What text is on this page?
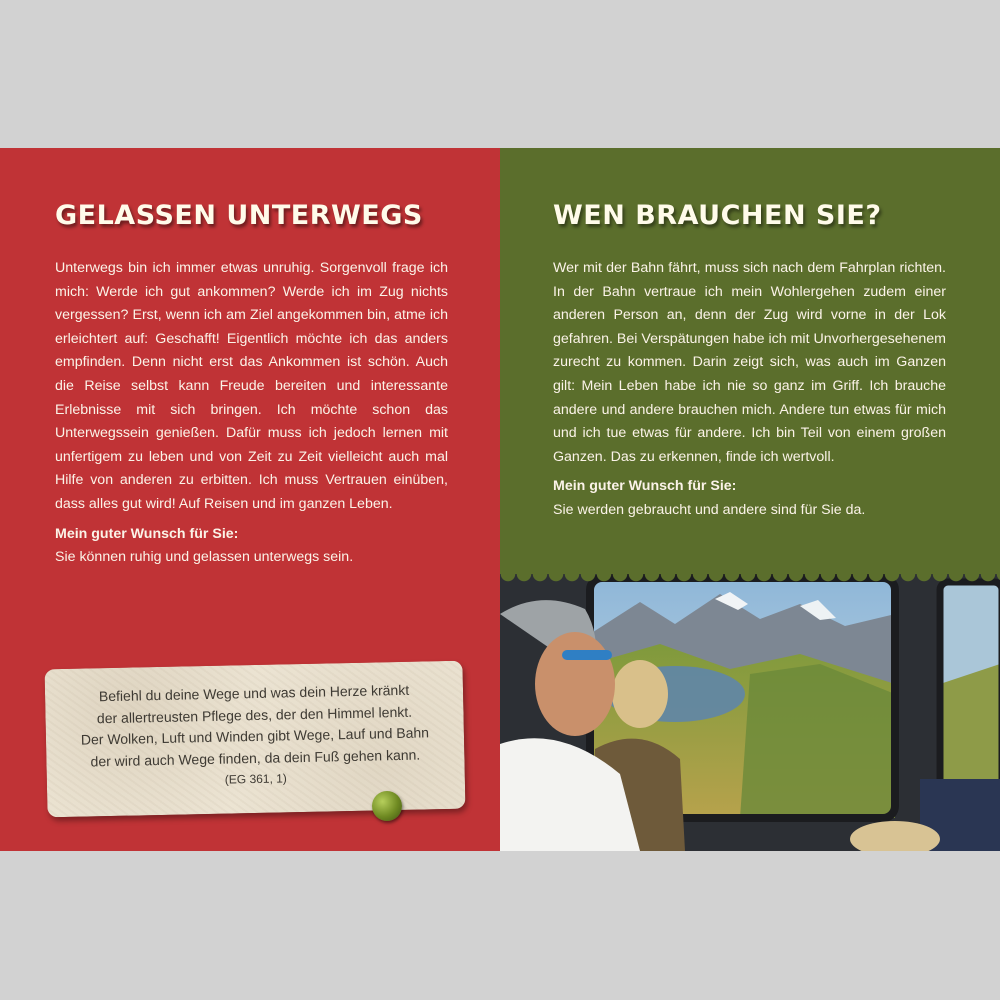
GELASSEN UNTERWEGS

Unterwegs bin ich immer etwas unruhig. Sorgenvoll frage ich mich: Werde ich gut ankommen? Werde ich im Zug nichts vergessen? Erst, wenn ich am Ziel angekommen bin, atme ich erleichtert auf: Geschafft! Eigentlich möchte ich das anders empfinden. Denn nicht erst das Ankommen ist schön. Auch die Reise selbst kann Freude bereiten und interessante Erlebnisse mit sich bringen. Ich möchte schon das Unterwegssein genießen. Dafür muss ich jedoch lernen mit unfertigem zu leben und von Zeit zu Zeit vielleicht auch mal Hilfe von anderen zu erbitten. Ich muss Vertrauen einüben, dass alles gut wird! Auf Reisen und im ganzen Leben.

Mein guter Wunsch für Sie:

Sie können ruhig und gelassen unterwegs sein.

Befiehl du deine Wege und was dein Herze kränkt
der allertreusten Pflege des, der den Himmel lenkt.
Der Wolken, Luft und Winden gibt Wege, Lauf und Bahn
der wird auch Wege finden, da dein Fuß gehen kann.
(EG 361, 1)
WEN BRAUCHEN SIE?

Wer mit der Bahn fährt, muss sich nach dem Fahrplan richten. In der Bahn vertraue ich mein Wohlergehen zudem einer anderen Person an, denn der Zug wird vorne in der Lok gefahren. Bei Verspätungen habe ich mit Unvorhergesehenem zurecht zu kommen. Darin zeigt sich, was auch im Ganzen gilt: Mein Leben habe ich nie so ganz im Griff. Ich brauche andere und andere brauchen mich. Andere tun etwas für mich und ich tue etwas für andere. Ich bin Teil von einem großen Ganzen. Das zu erkennen, finde ich wertvoll.

Mein guter Wunsch für Sie:

Sie werden gebraucht und andere sind für Sie da.
